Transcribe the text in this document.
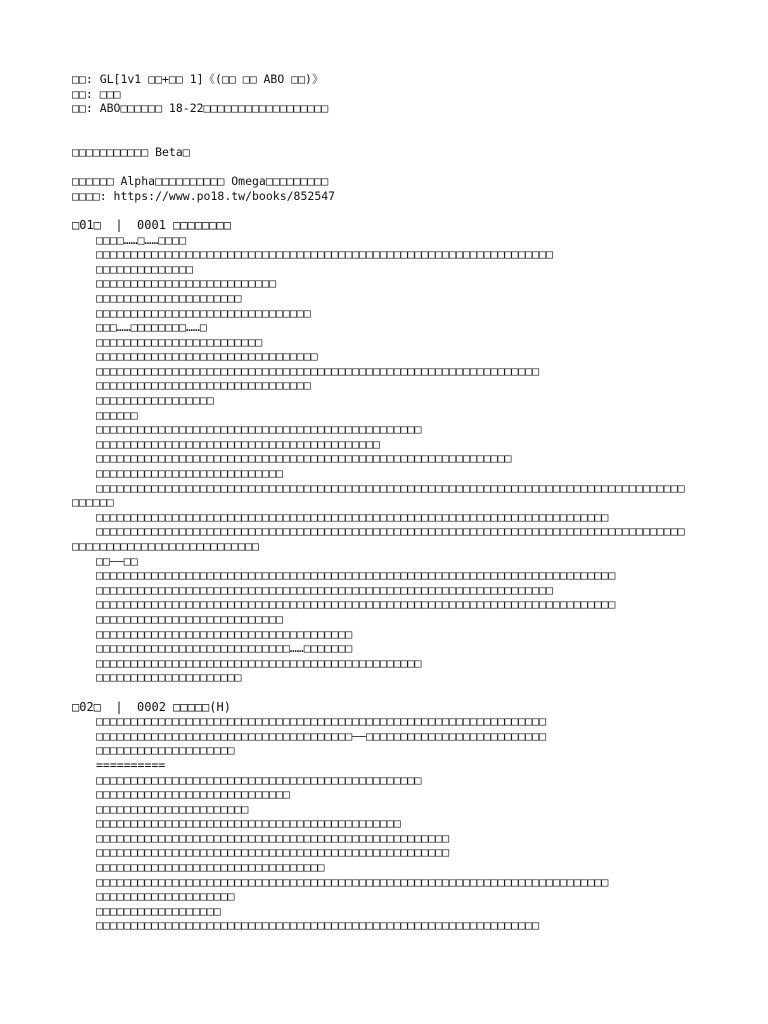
□□: GL[1v1 □□+□□ 1]《(□□ □□ ABO □□)》
□□: □□□
□□: ABO□□□□□□ 18-22□□□□□□□□□□□□□□□□□□
□□□□□□□□□□□ Beta□
□□□□□□ Alpha□□□□□□□□□□ Omega□□□□□□□□□
□□□□: https://www.po18.tw/books/852547
□01□  |  0001 □□□□□□□□
□□□□……□……□□□□
□□□□□□□□□□□□□□□□□□□□□□□□□□□□□□□□□□□□□□□□□□□□□□□□□□□□□□□□□□□□□□□□□□
□□□□□□□□□□□□□□
□□□□□□□□□□□□□□□□□□□□□□□□□□
□□□□□□□□□□□□□□□□□□□□□
□□□□□□□□□□□□□□□□□□□□□□□□□□□□□□□
□□□……□□□□□□□□……□
□□□□□□□□□□□□□□□□□□□□□□□□
□□□□□□□□□□□□□□□□□□□□□□□□□□□□□□□□
□□□□□□□□□□□□□□□□□□□□□□□□□□□□□□□□□□□□□□□□□□□□□□□□□□□□□□□□□□□□□□□□
□□□□□□□□□□□□□□□□□□□□□□□□□□□□□□□
□□□□□□□□□□□□□□□□□
□□□□□□
□□□□□□□□□□□□□□□□□□□□□□□□□□□□□□□□□□□□□□□□□□□□□□□
□□□□□□□□□□□□□□□□□□□□□□□□□□□□□□□□□□□□□□□□□
□□□□□□□□□□□□□□□□□□□□□□□□□□□□□□□□□□□□□□□□□□□□□□□□□□□□□□□□□□□□
□□□□□□□□□□□□□□□□□□□□□□□□□□□
□□□□□□□□□□□□□□□□□□□□□□□□□□□□□□□□□□□□□□□□□□□□□□□□□□□□□□□□□□□□□□□□□□□□□□□□□□□□□□□□□□□□□
□□□□□□
□□□□□□□□□□□□□□□□□□□□□□□□□□□□□□□□□□□□□□□□□□□□□□□□□□□□□□□□□□□□□□□□□□□□□□□□□□
□□□□□□□□□□□□□□□□□□□□□□□□□□□□□□□□□□□□□□□□□□□□□□□□□□□□□□□□□□□□□□□□□□□□□□□□□□□□□□□□□□□□□
□□□□□□□□□□□□□□□□□□□□□□□□□□□
□□——□□
□□□□□□□□□□□□□□□□□□□□□□□□□□□□□□□□□□□□□□□□□□□□□□□□□□□□□□□□□□□□□□□□□□□□□□□□□□□
□□□□□□□□□□□□□□□□□□□□□□□□□□□□□□□□□□□□□□□□□□□□□□□□□□□□□□□□□□□□□□□□□□
□□□□□□□□□□□□□□□□□□□□□□□□□□□□□□□□□□□□□□□□□□□□□□□□□□□□□□□□□□□□□□□□□□□□□□□□□□□
□□□□□□□□□□□□□□□□□□□□□□□□□□□
□□□□□□□□□□□□□□□□□□□□□□□□□□□□□□□□□□□□□
□□□□□□□□□□□□□□□□□□□□□□□□□□□□……□□□□□□□
□□□□□□□□□□□□□□□□□□□□□□□□□□□□□□□□□□□□□□□□□□□□□□□
□□□□□□□□□□□□□□□□□□□□□
□02□  |  0002 □□□□□(H)
□□□□□□□□□□□□□□□□□□□□□□□□□□□□□□□□□□□□□□□□□□□□□□□□□□□□□□□□□□□□□□□□□
□□□□□□□□□□□□□□□□□□□□□□□□□□□□□□□□□□□□□——□□□□□□□□□□□□□□□□□□□□□□□□□□
□□□□□□□□□□□□□□□□□□□□
==========
□□□□□□□□□□□□□□□□□□□□□□□□□□□□□□□□□□□□□□□□□□□□□□□
□□□□□□□□□□□□□□□□□□□□□□□□□□□□
□□□□□□□□□□□□□□□□□□□□□□
□□□□□□□□□□□□□□□□□□□□□□□□□□□□□□□□□□□□□□□□□□□□
□□□□□□□□□□□□□□□□□□□□□□□□□□□□□□□□□□□□□□□□□□□□□□□□□□□
□□□□□□□□□□□□□□□□□□□□□□□□□□□□□□□□□□□□□□□□□□□□□□□□□□□
□□□□□□□□□□□□□□□□□□□□□□□□□□□□□□□□□
□□□□□□□□□□□□□□□□□□□□□□□□□□□□□□□□□□□□□□□□□□□□□□□□□□□□□□□□□□□□□□□□□□□□□□□□□□
□□□□□□□□□□□□□□□□□□□□
□□□□□□□□□□□□□□□□□□
□□□□□□□□□□□□□□□□□□□□□□□□□□□□□□□□□□□□□□□□□□□□□□□□□□□□□□□□□□□□□□□□
